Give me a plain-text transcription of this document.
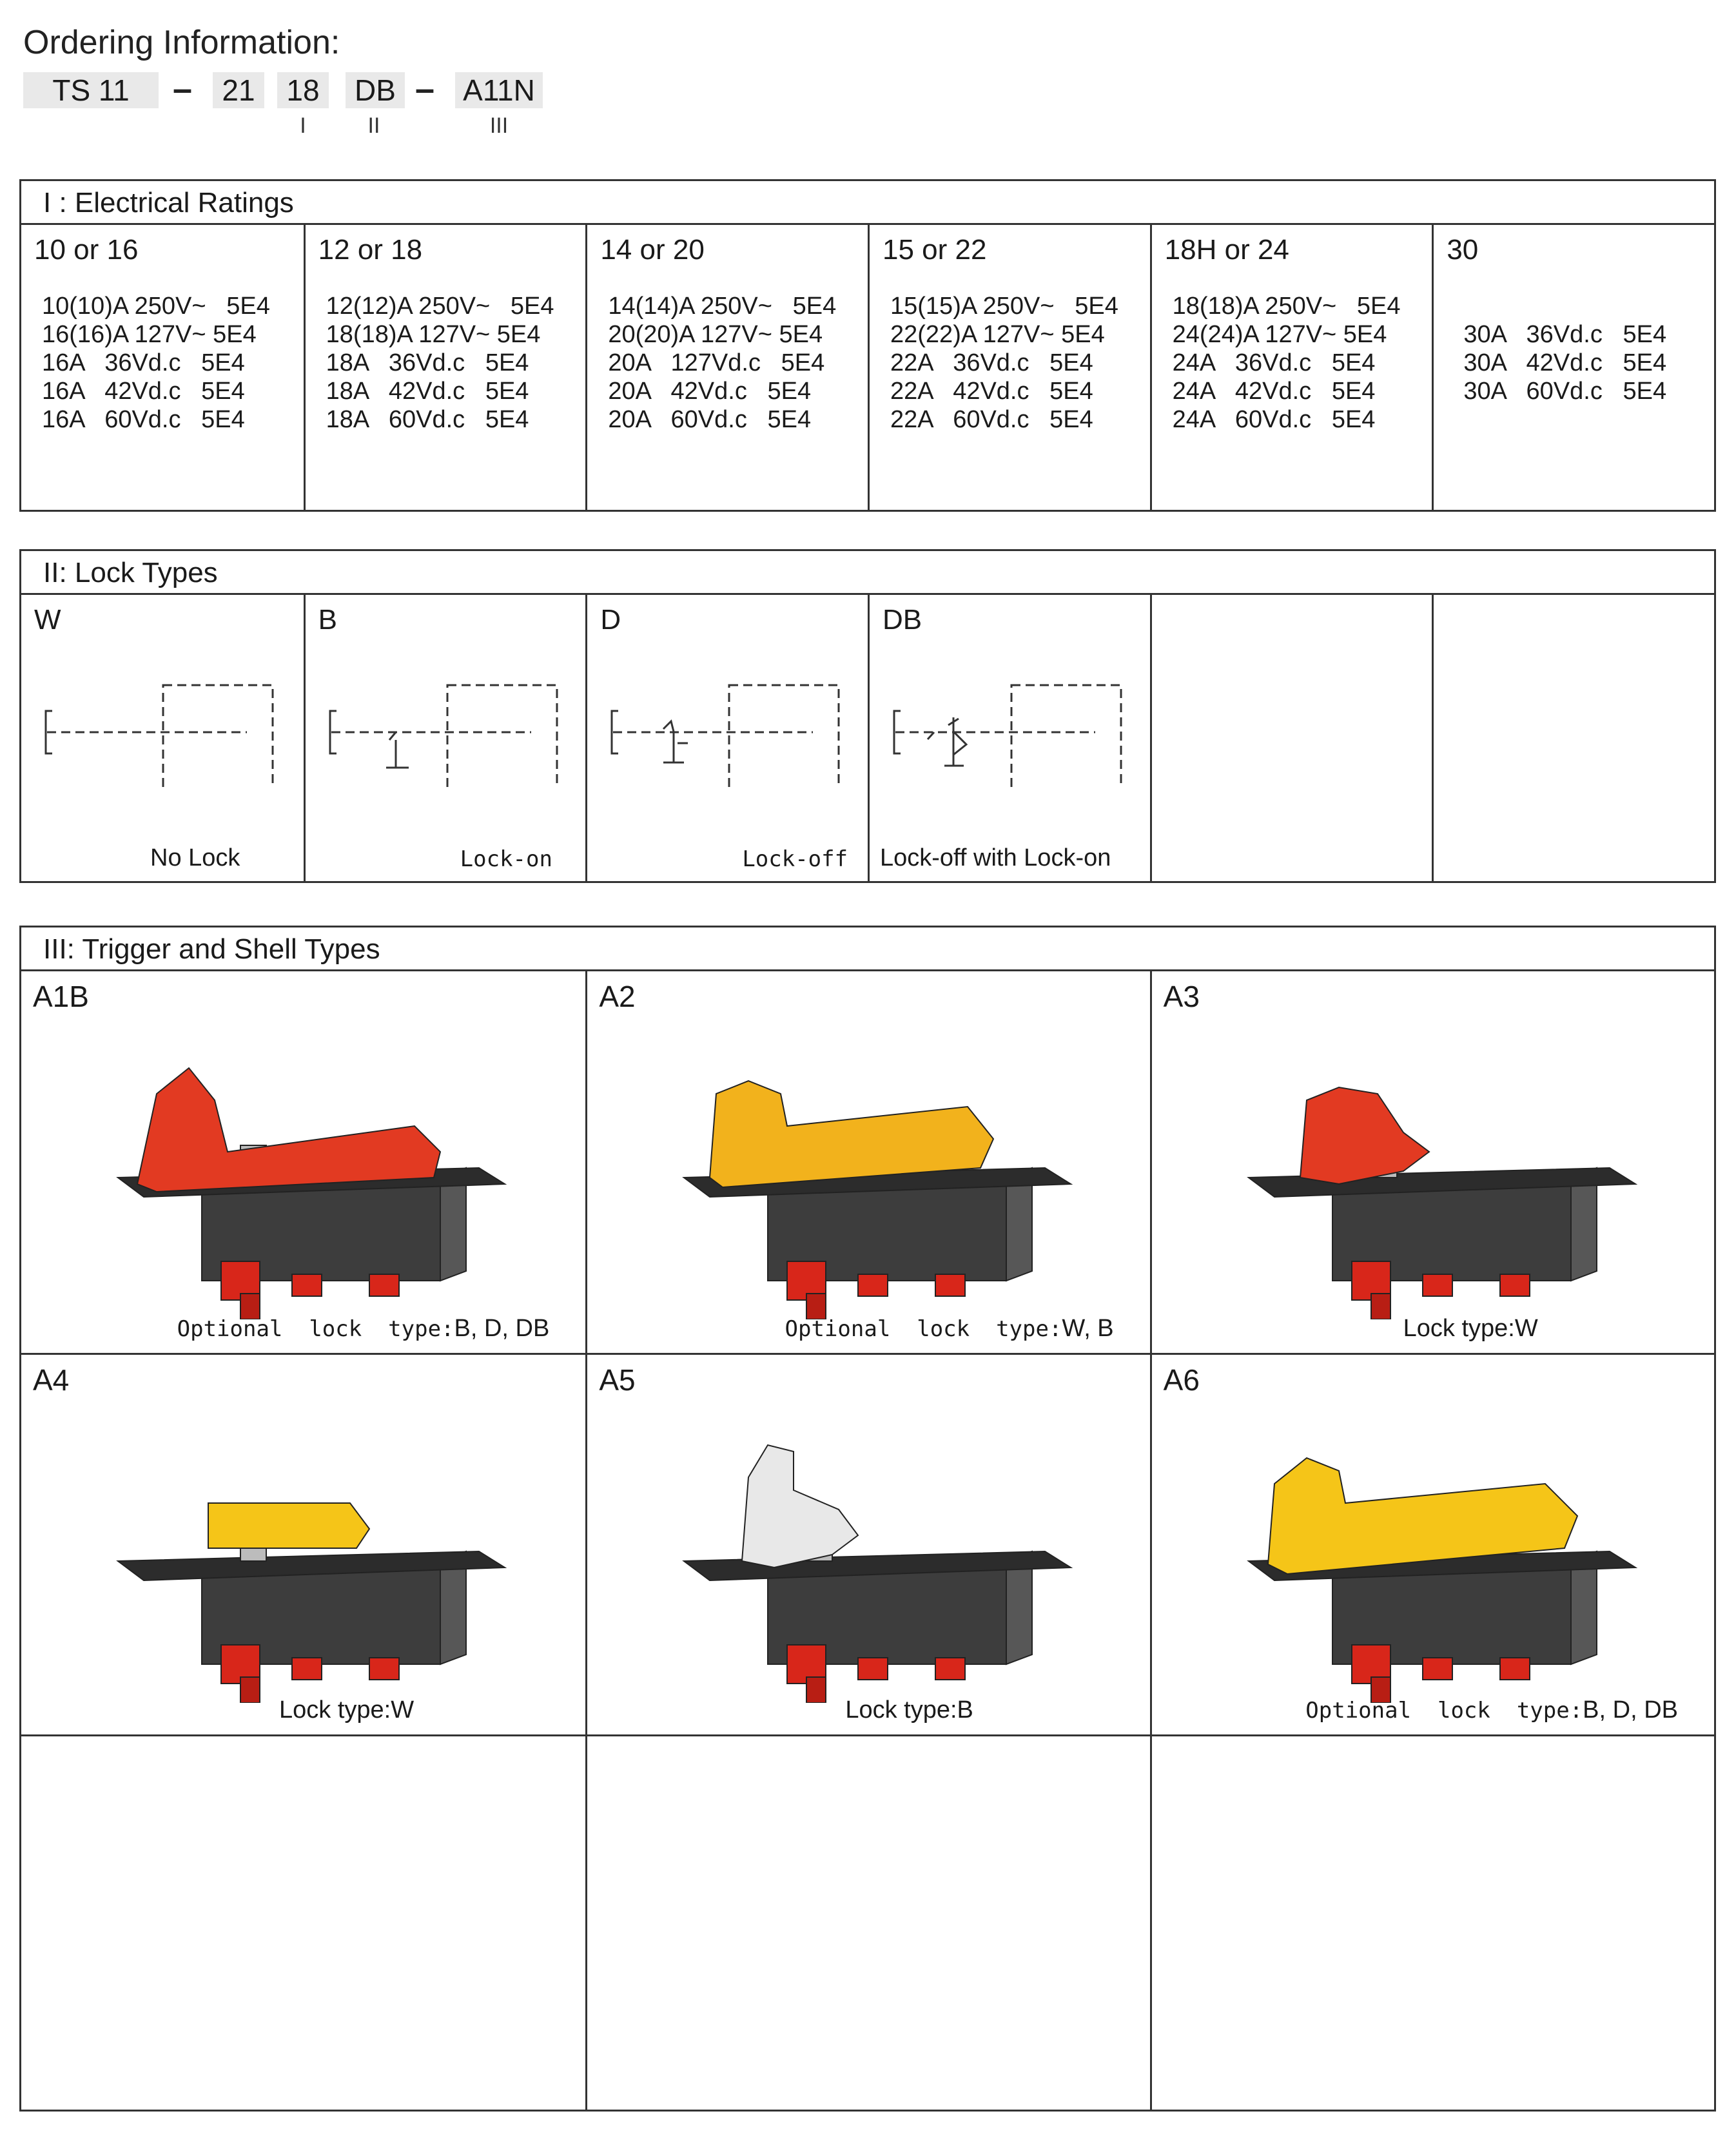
Ordering Information:
TS 11	–	21	18	DB – A11N
I	II	III
I : Electrical Ratings
10 or 16
10(10)A 250V~   5E4
16(16)A 127V~ 5E4
16A   36Vd.c   5E4
16A   42Vd.c   5E4
16A   60Vd.c   5E4
12 or 18
12(12)A 250V~   5E4
18(18)A 127V~ 5E4
18A   36Vd.c   5E4
18A   42Vd.c   5E4
18A   60Vd.c   5E4
14 or 20
14(14)A 250V~   5E4
20(20)A 127V~ 5E4
20A   127Vd.c   5E4
20A   42Vd.c   5E4
20A   60Vd.c   5E4
15 or 22
15(15)A 250V~   5E4
22(22)A 127V~ 5E4
22A   36Vd.c   5E4
22A   42Vd.c   5E4
22A   60Vd.c   5E4
18H or 24
18(18)A 250V~   5E4
24(24)A 127V~ 5E4
24A   36Vd.c   5E4
24A   42Vd.c   5E4
24A   60Vd.c   5E4
30
30A   36Vd.c   5E4
30A   42Vd.c   5E4
30A   60Vd.c   5E4
II: Lock Types
W
No Lock
B
Lock-on
D
Lock-off
DB
Lock-off with Lock-on
III: Trigger and Shell Types
A1B
Optional  lock  type:B, D, DB
A2
Optional  lock  type:W, B
A3
Lock type:W
A4
Lock type:W
A5
Lock type:B
A6
Optional  lock  type:B, D, DB
